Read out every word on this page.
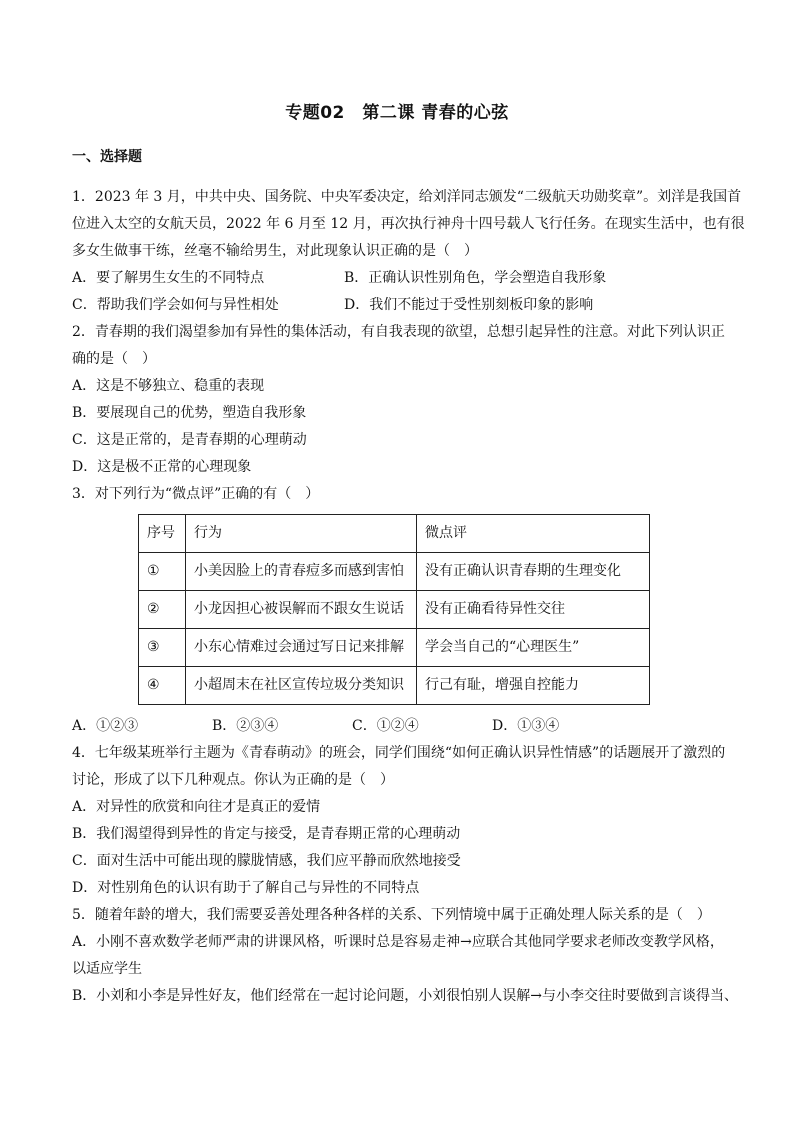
专题02　第二课 青春的心弦
一、选择题
1．2023 年 3 月，中共中央、国务院、中央军委决定，给刘洋同志颁发“二级航天功勋奖章”。刘洋是我国首
位进入太空的女航天员，2022 年 6 月至 12 月，再次执行神舟十四号载人飞行任务。在现实生活中，也有很
多女生做事干练，丝毫不输给男生，对此现象认识正确的是（　）
A．要了解男生女生的不同特点	B．正确认识性别角色，学会塑造自我形象
C．帮助我们学会如何与异性相处	D．我们不能过于受性别刻板印象的影响
2．青春期的我们渴望参加有异性的集体活动，有自我表现的欲望，总想引起异性的注意。对此下列认识正
确的是（　）
A．这是不够独立、稳重的表现
B．要展现自己的优势，塑造自我形象
C．这是正常的，是青春期的心理萌动
D．这是极不正常的心理现象
3．对下列行为“微点评”正确的有（　）
序号	行为	微点评
①	小美因脸上的青春痘多而感到害怕	没有正确认识青春期的生理变化
②	小龙因担心被误解而不跟女生说话	没有正确看待异性交往
③	小东心情难过会通过写日记来排解	学会当自己的“心理医生”
④	小超周末在社区宣传垃圾分类知识	行己有耻，增强自控能力
A．①②③	B．②③④	C．①②④	D．①③④
4．七年级某班举行主题为《青春萌动》的班会，同学们围绕“如何正确认识异性情感”的话题展开了激烈的
讨论，形成了以下几种观点。你认为正确的是（　）
A．对异性的欣赏和向往才是真正的爱情
B．我们渴望得到异性的肯定与接受，是青春期正常的心理萌动
C．面对生活中可能出现的朦胧情感，我们应平静而欣然地接受
D．对性别角色的认识有助于了解自己与异性的不同特点
5．随着年龄的增大，我们需要妥善处理各种各样的关系、下列情境中属于正确处理人际关系的是（　）
A．小刚不喜欢数学老师严肃的讲课风格，听课时总是容易走神→应联合其他同学要求老师改变教学风格，
以适应学生
B．小刘和小李是异性好友，他们经常在一起讨论问题，小刘很怕别人误解→与小李交往时要做到言谈得当、
